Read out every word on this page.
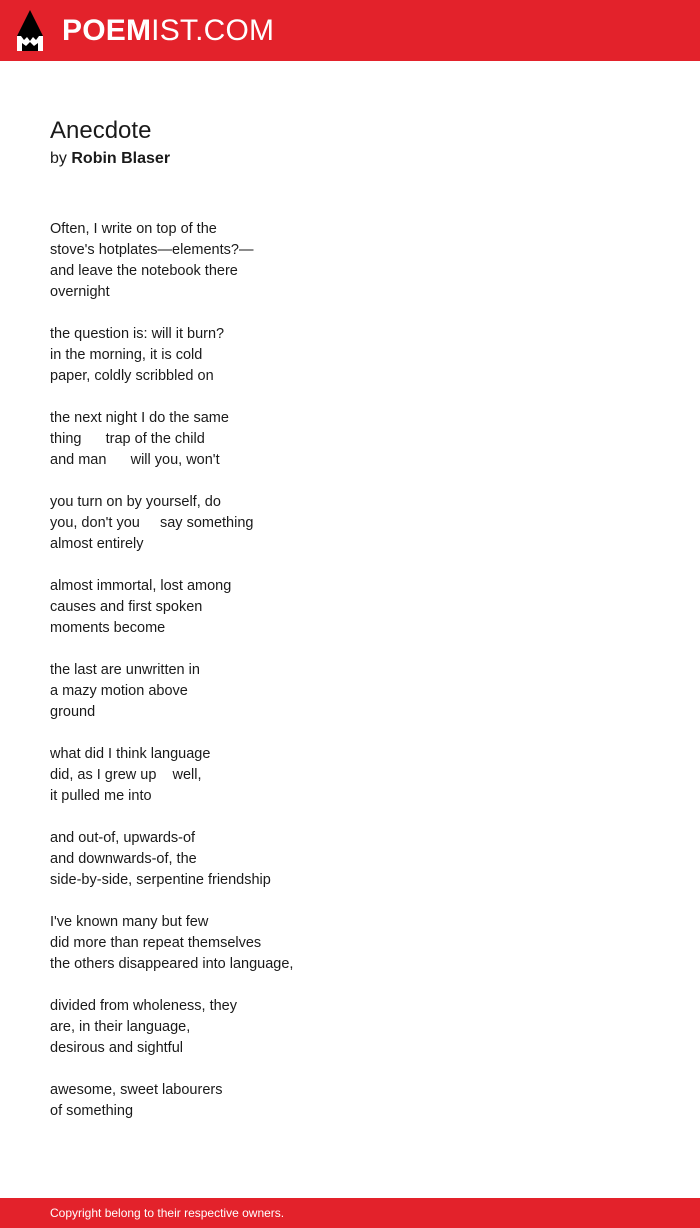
POEMIST.COM
Anecdote
by Robin Blaser
Often, I write on top of the
stove's hotplates—elements?—
and leave the notebook there
overnight
the question is: will it burn?
in the morning, it is cold
paper, coldly scribbled on
the next night I do the same
thing      trap of the child
and man      will you, won't
you turn on by yourself, do
you, don't you     say something
almost entirely
almost immortal, lost among
causes and first spoken
moments become
the last are unwritten in
a mazy motion above
ground
what did I think language
did, as I grew up    well,
it pulled me into
and out-of, upwards-of
and downwards-of, the
side-by-side, serpentine friendship
I've known many but few
did more than repeat themselves
the others disappeared into language,
divided from wholeness, they
are, in their language,
desirous and sightful
awesome, sweet labourers
of something
Copyright belong to their respective owners.
